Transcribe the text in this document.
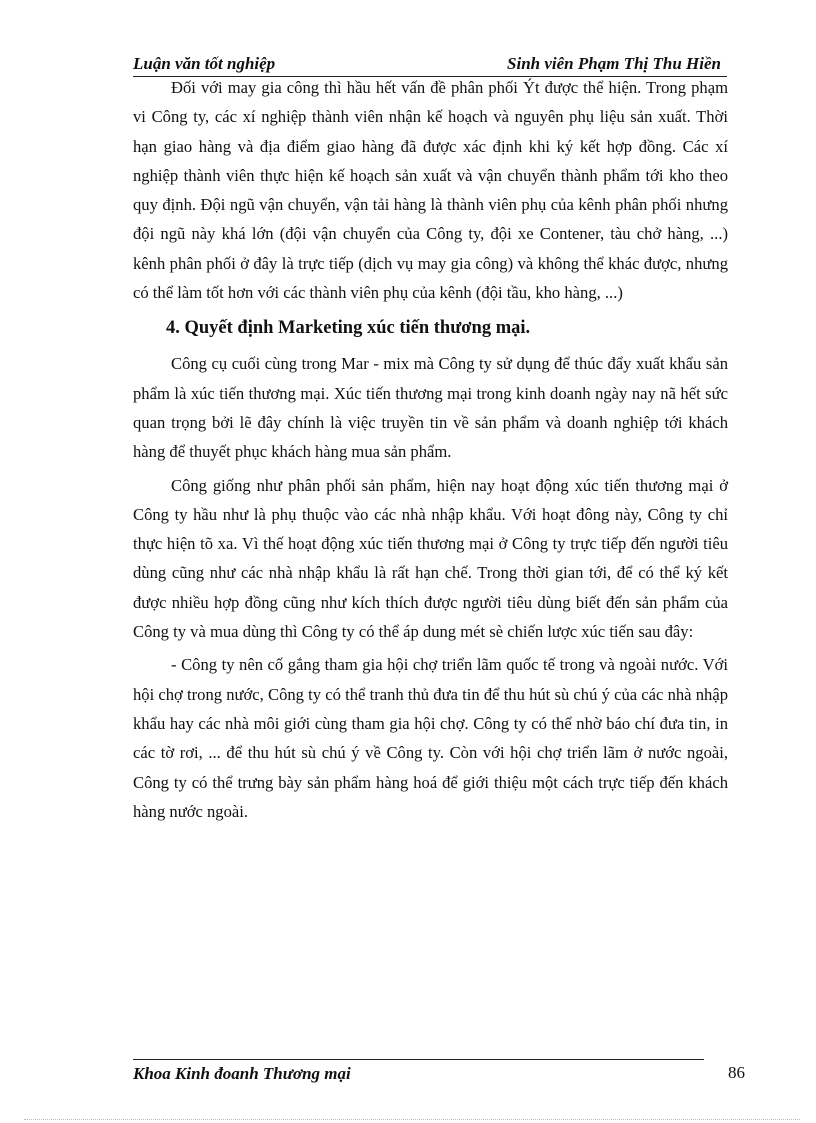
Luận văn tốt nghiệp	Sinh viên Phạm Thị Thu Hiền

Đối với may gia công thì hầu hết vấn đề phân phối Ýt được thể hiện. Trong phạm vi Công ty, các xí nghiệp thành viên nhận kế hoạch và nguyên phụ liệu sản xuất. Thời hạn giao hàng và địa điểm giao hàng đã được xác định khi ký kết hợp đồng. Các xí nghiệp thành viên thực hiện kế hoạch sản xuất và vận chuyển thành phẩm tới kho theo quy định. Đội ngũ vận chuyển, vận tải hàng là thành viên phụ của kênh phân phối nhưng đội ngũ này khá lớn (đội vận chuyển của Công ty, đội xe Contener, tàu chở hàng, ...) kênh phân phối ở đây là trực tiếp (dịch vụ may gia công) và không thể khác được, nhưng có thể làm tốt hơn với các thành viên phụ của kênh (đội tầu, kho hàng, ...)

4. Quyết định Marketing xúc tiến thương mại.

Công cụ cuối cùng trong Mar - mix mà Công ty sử dụng để thúc đẩy xuất khẩu sản phẩm là xúc tiến thương mại. Xúc tiến thương mại trong kinh doanh ngày nay nã hết sức quan trọng bởi lẽ đây chính là việc truyền tin về sản phẩm và doanh nghiệp tới khách hàng để thuyết phục khách hàng mua sản phẩm.

Công giống như phân phối sản phẩm, hiện nay hoạt động xúc tiến thương mại ở Công ty hầu như là phụ thuộc vào các nhà nhập khẩu. Với hoạt đông này, Công ty chỉ thực hiện tõ xa. Vì thế hoạt động xúc tiến thương mại ở Công ty trực tiếp đến người tiêu dùng cũng như các nhà nhập khẩu là rất hạn chế. Trong thời gian tới, để có thể ký kết được nhiều hợp đồng cũng như kích thích được người tiêu dùng biết đến sản phẩm của Công ty và mua dùng thì Công ty có thể áp dung mét sè chiến lược xúc tiến sau đây:

- Công ty nên cố gắng tham gia hội chợ triển lãm quốc tế trong và ngoài nước. Với hội chợ trong nước, Công ty có thể tranh thủ đưa tin để thu hút sù chú ý của các nhà nhập khẩu hay các nhà môi giới cùng tham gia hội chợ. Công ty có thể nhờ báo chí đưa tin, in các tờ rơi, ... để thu hút sù chú ý về Công ty. Còn với hội chợ triển lãm ở nước ngoài, Công ty có thể trưng bày sản phẩm hàng hoá để giới thiệu một cách trực tiếp đến khách hàng nước ngoài.

Khoa Kinh đoanh Thương mại	86
